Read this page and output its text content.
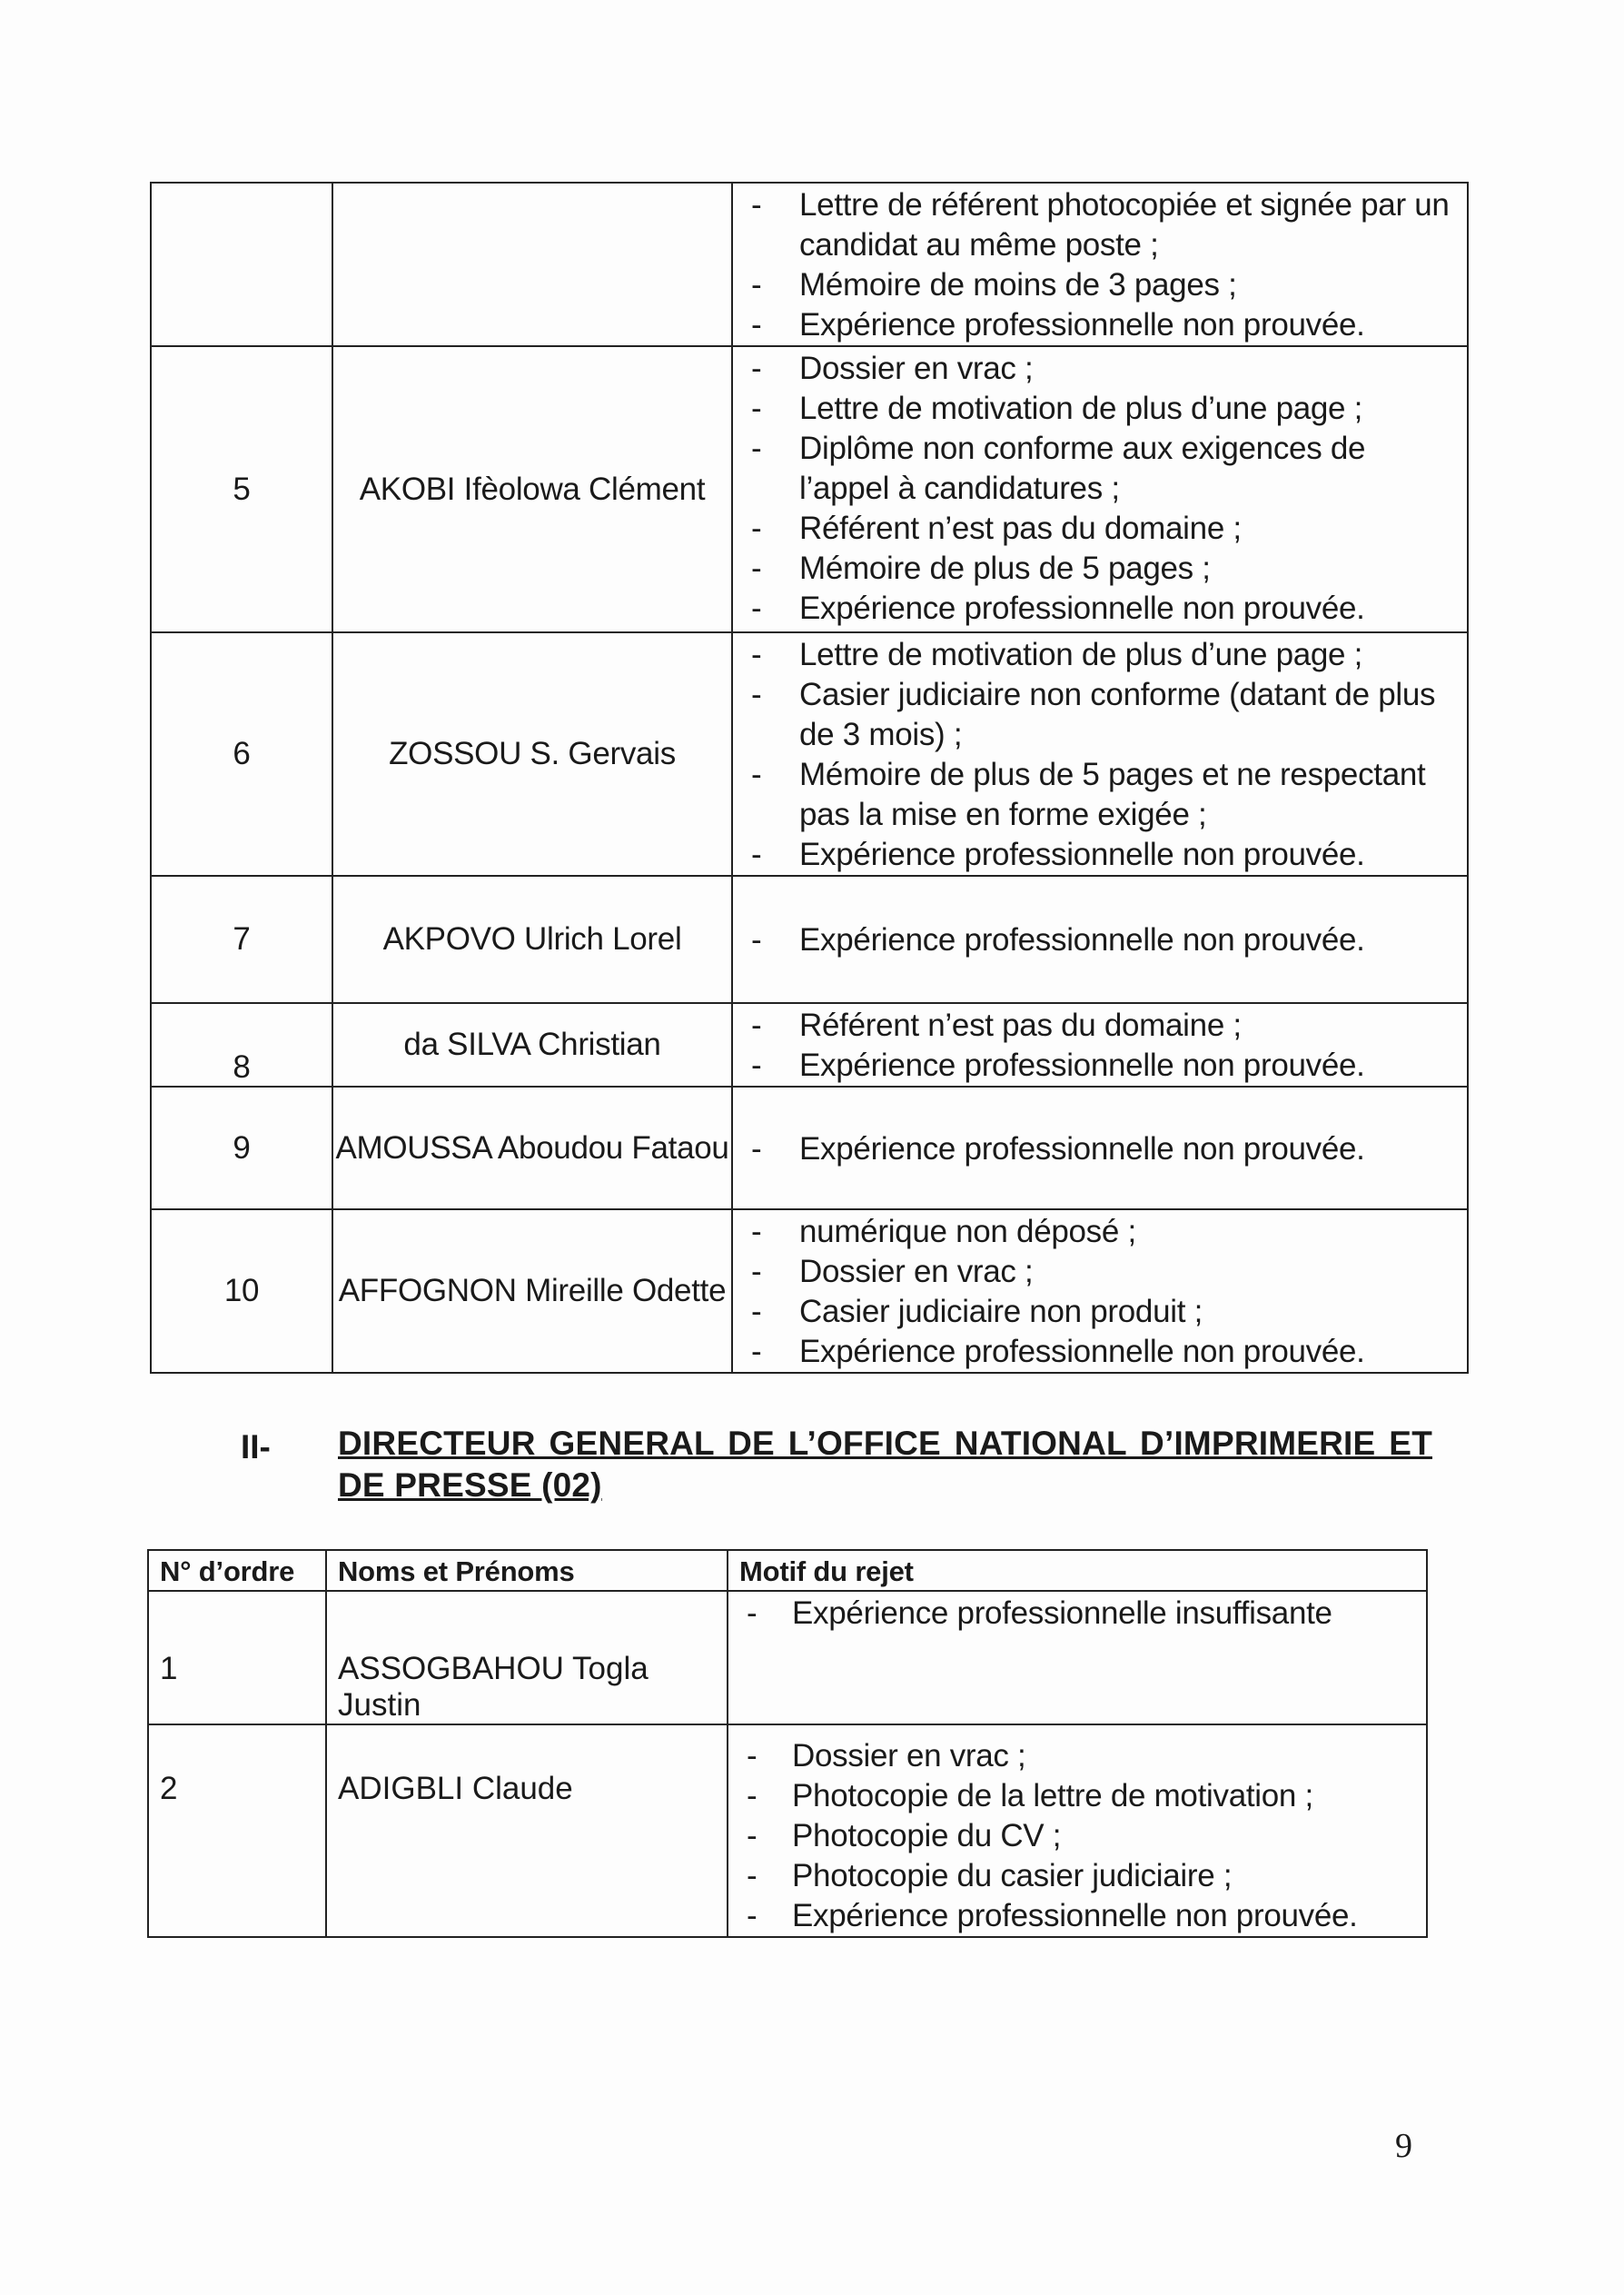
- Lettre de référent photocopiée et signée par un candidat au même poste ;
- Mémoire de moins de 3 pages ;
- Expérience professionnelle non prouvée.

5	AKOBI Ifèolowa Clément	
- Dossier en vrac ;
- Lettre de motivation de plus d’une page ;
- Diplôme non conforme aux exigences de l’appel à candidatures ;
- Référent n’est pas du domaine ;
- Mémoire de plus de 5 pages ;
- Expérience professionnelle non prouvée.

6	ZOSSOU S. Gervais	
- Lettre de motivation de plus d’une page ;
- Casier judiciaire non conforme (datant de plus de 3 mois) ;
- Mémoire de plus de 5 pages et ne respectant pas la mise en forme exigée ;
- Expérience professionnelle non prouvée.

7	AKPOVO Ulrich Lorel	
-Expérience professionnelle non prouvée.

8	da SILVA Christian	
- Référent n’est pas du domaine ;
- Expérience professionnelle non prouvée.

9	AMOUSSA Aboudou Fataou	
-Expérience professionnelle non prouvée.

10	AFFOGNON Mireille Odette	
- numérique non déposé ;
- Dossier en vrac ;
- Casier judiciaire non produit ;
- Expérience professionnelle non prouvée.
II- DIRECTEUR GENERAL DE L’OFFICE NATIONAL D’IMPRIMERIE ET DE PRESSE (02)
N° d’ordre	Noms et Prénoms	Motif du rejet
1	ASSOGBAHOU Togla Justin	
- Expérience professionnelle insuffisante

2	ADIGBLI Claude	
- Dossier en vrac ;
- Photocopie de la lettre de motivation ;
- Photocopie du CV ;
- Photocopie du casier judiciaire ;
- Expérience professionnelle non prouvée.
9
